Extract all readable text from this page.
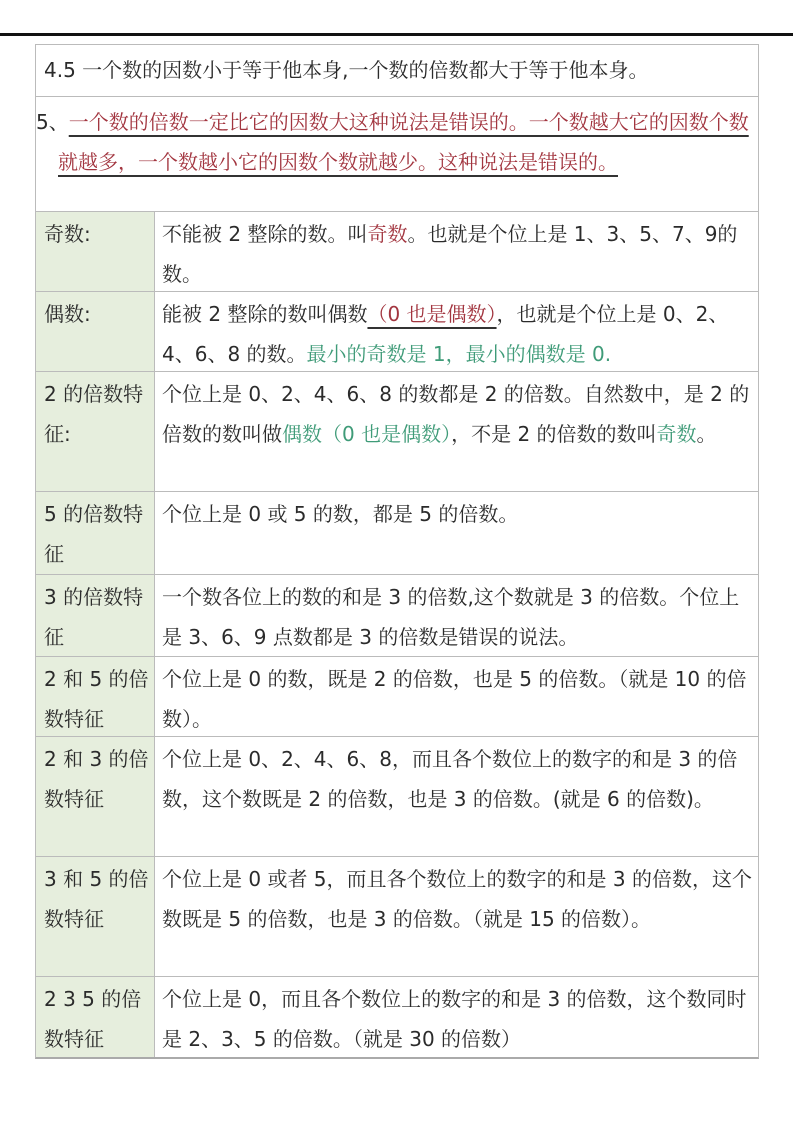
4.5 一个数的因数小于等于他本身,一个数的倍数都大于等于他本身。
5、一个数的倍数一定比它的因数大这种说法是错误的。一个数越大它的因数个数就越多，一个数越小它的因数个数就越少。这种说法是错误的。
奇数:	不能被 2 整除的数。叫奇数。也就是个位上是 1、3、5、7、9的数。
偶数:	能被 2 整除的数叫偶数（0 也是偶数），也就是个位上是 0、2、4、6、8 的数。最小的奇数是 1，最小的偶数是 0.
2 的倍数特征:
个位上是 0、2、4、6、8 的数都是 2 的倍数。自然数中，是 2 的倍数的数叫做偶数（0 也是偶数），不是 2 的倍数的数叫奇数。
5 的倍数特征
个位上是 0 或 5 的数，都是 5 的倍数。
3 的倍数特征
一个数各位上的数的和是 3 的倍数,这个数就是 3 的倍数。个位上是 3、6、9 点数都是 3 的倍数是错误的说法。
2 和 5 的倍数特征
个位上是 0 的数，既是 2 的倍数，也是 5 的倍数。（就是 10 的倍数）。
2 和 3 的倍数特征
个位上是 0、2、4、6、8，而且各个数位上的数字的和是 3 的倍数，这个数既是 2 的倍数，也是 3 的倍数。(就是 6 的倍数)。
3 和 5 的倍数特征
个位上是 0 或者 5，而且各个数位上的数字的和是 3 的倍数，这个数既是 5 的倍数，也是 3 的倍数。（就是 15 的倍数）。
2 3 5 的倍数特征
个位上是 0，而且各个数位上的数字的和是 3 的倍数，这个数同时是 2、3、5 的倍数。（就是 30 的倍数）
